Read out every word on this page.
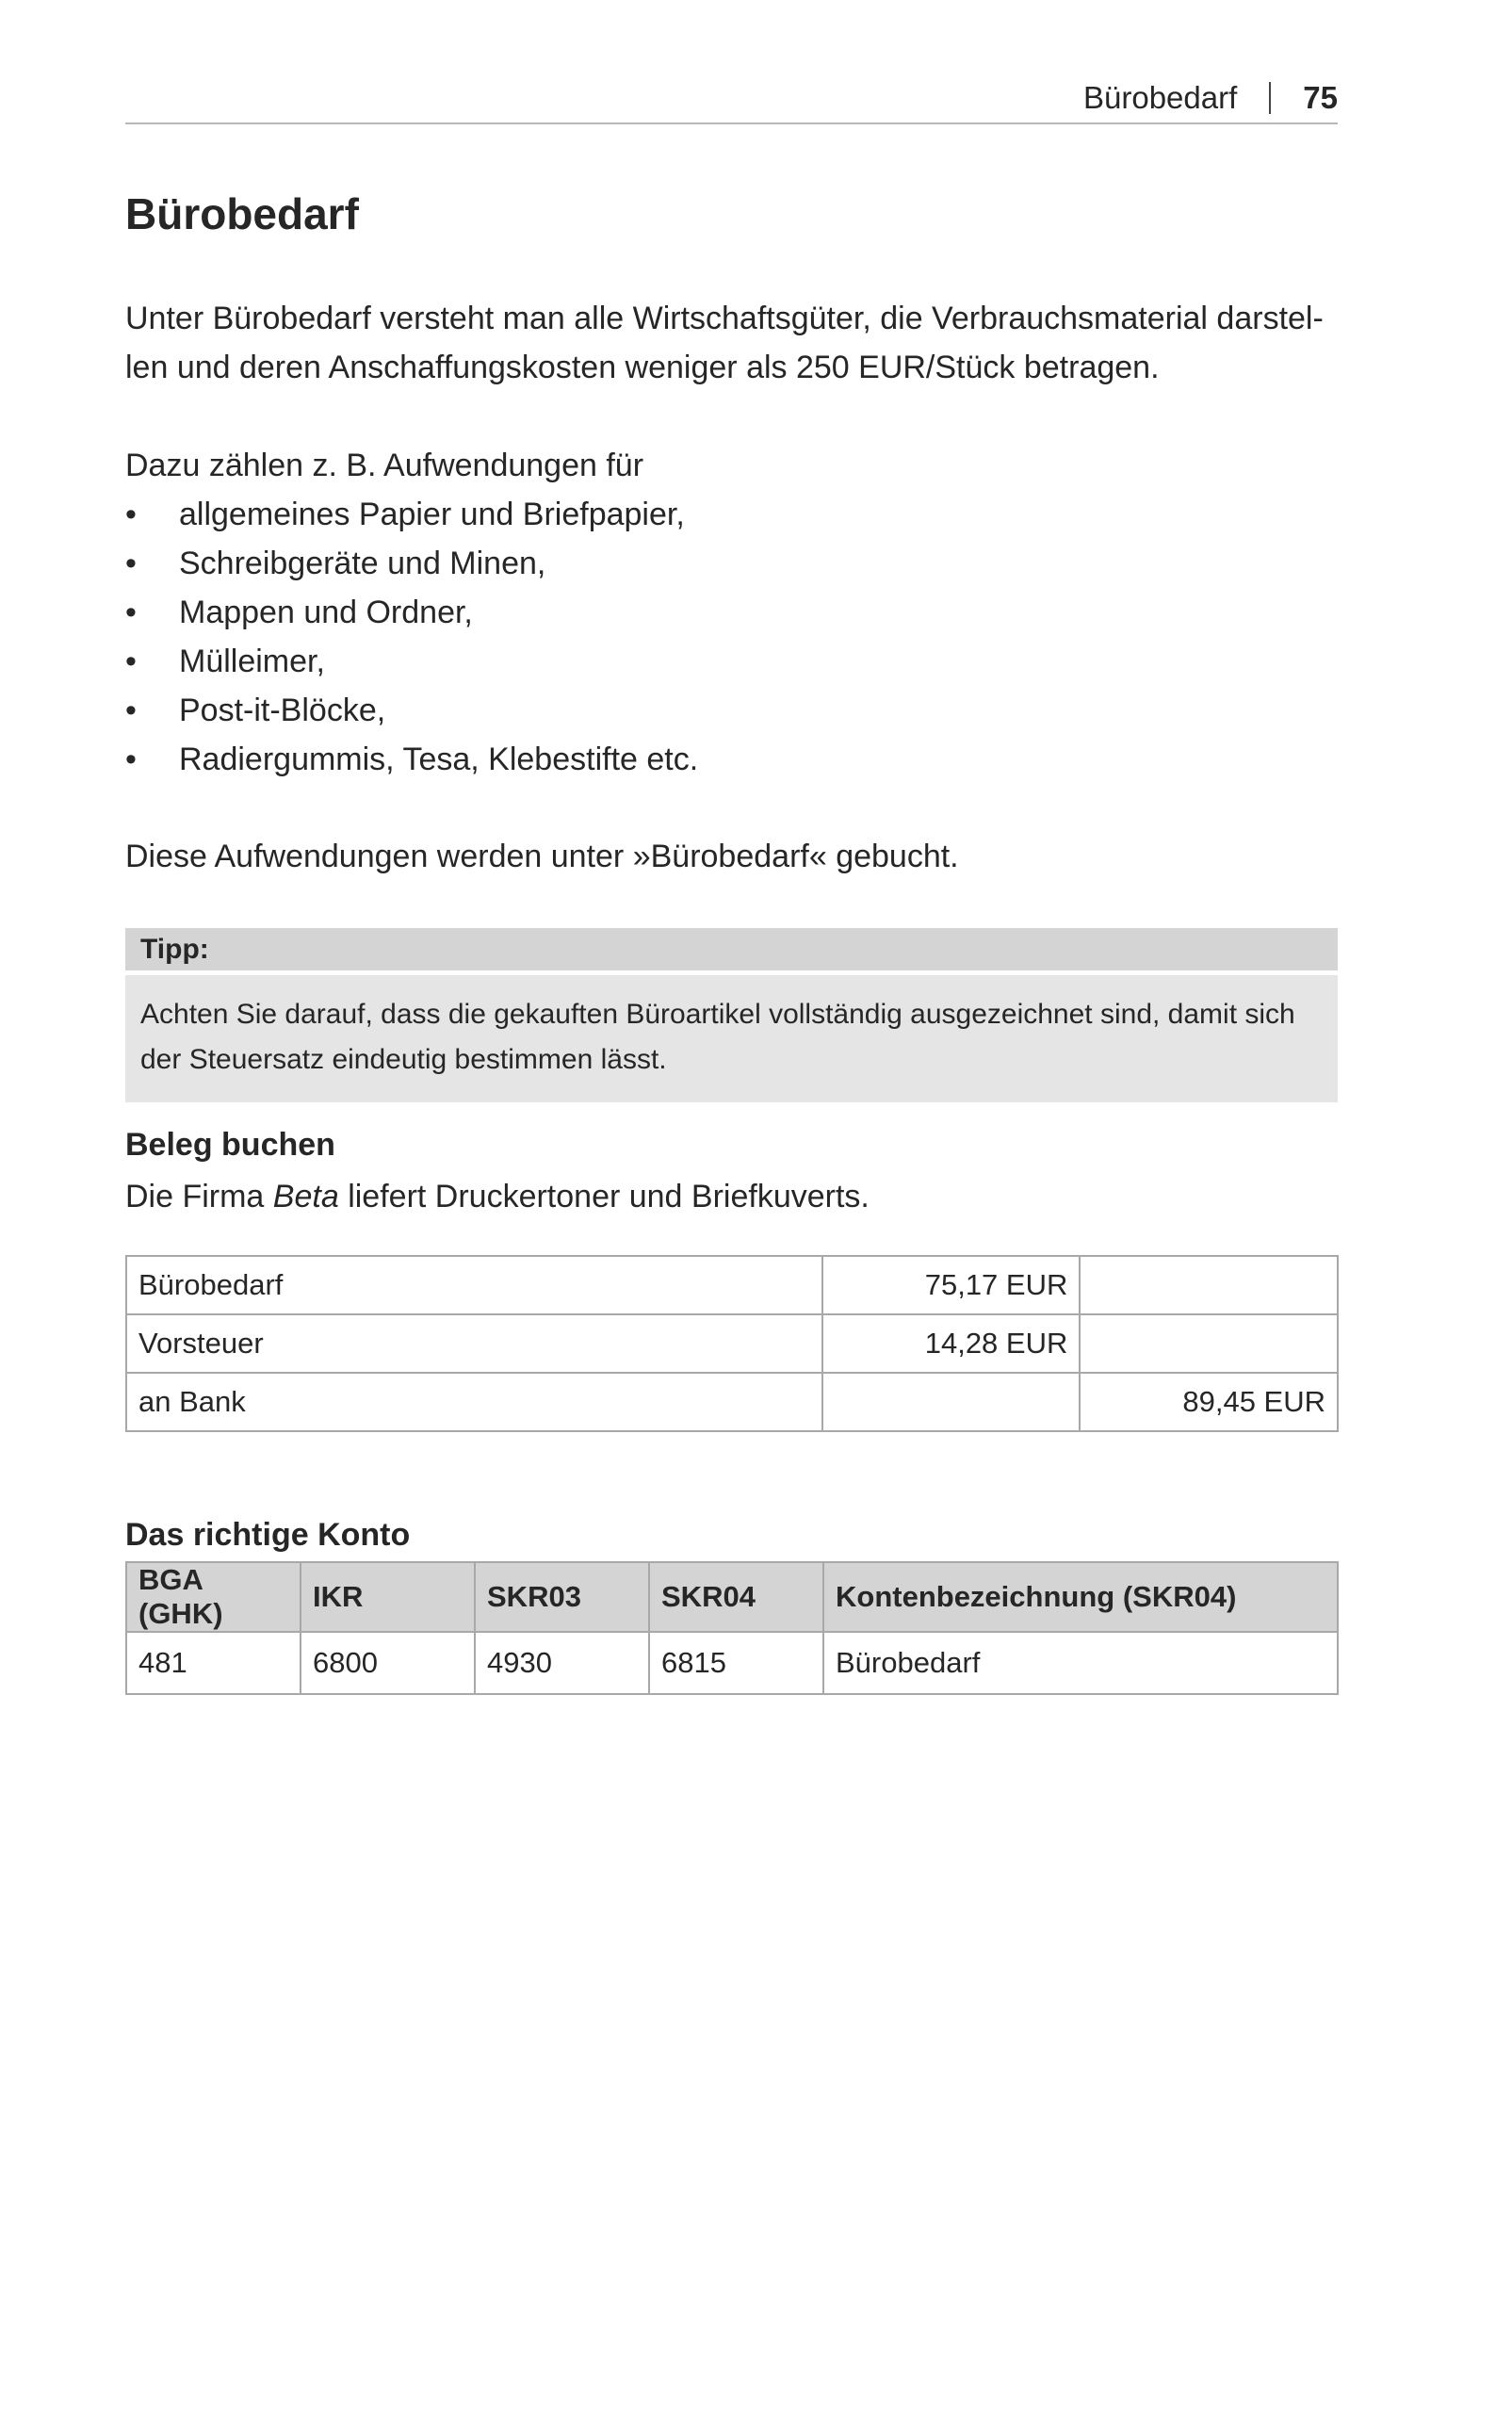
Bürobedarf 75
Bürobedarf

Unter Bürobedarf versteht man alle Wirtschaftsgüter, die Verbrauchsmaterial darstel-
len und deren Anschaffungskosten weniger als 250 EUR/Stück betragen.

Dazu zählen z. B. Aufwendungen für

• allgemeines Papier und Briefpapier,
• Schreibgeräte und Minen,
• Mappen und Ordner,
• Mülleimer,
• Post-it-Blöcke,
• Radiergummis, Tesa, Klebestifte etc.

Diese Aufwendungen werden unter »Bürobedarf« gebucht.

Tipp:
Achten Sie darauf, dass die gekauften Büroartikel vollständig ausgezeichnet sind, damit sich
der Steuersatz eindeutig bestimmen lässt.
Beleg buchen

Die Firma Beta liefert Druckertoner und Briefkuverts.

Bürobedarf	75,17 EUR	
Vorsteuer	14,28 EUR	
an Bank		89,45 EUR
Das richtige Konto
BGA (GHK)	IKR	SKR03	SKR04	Kontenbezeichnung (SKR04)
481	6800	4930	6815	Bürobedarf
